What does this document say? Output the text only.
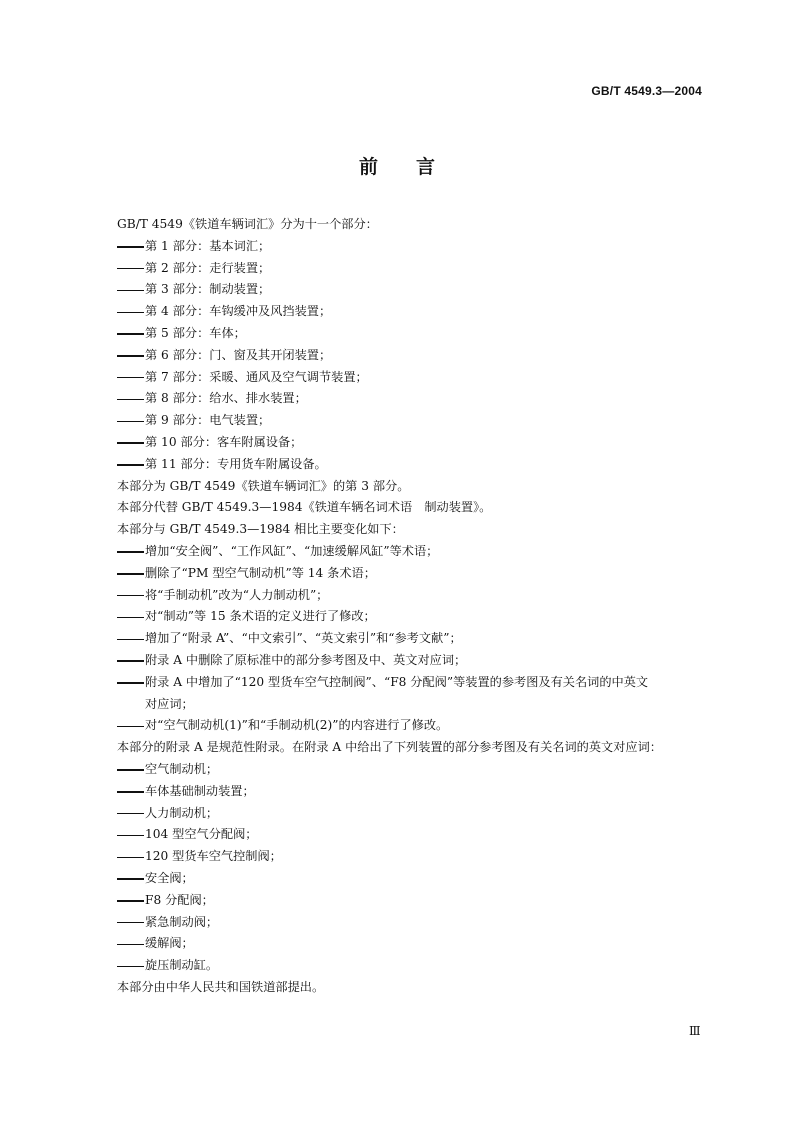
GB/T 4549.3—2004
前言
GB/T 4549《铁道车辆词汇》分为十一个部分：
第 1 部分：基本词汇；
第 2 部分：走行装置；
第 3 部分：制动装置；
第 4 部分：车钩缓冲及风挡装置；
第 5 部分：车体；
第 6 部分：门、窗及其开闭装置；
第 7 部分：采暖、通风及空气调节装置；
第 8 部分：给水、排水装置；
第 9 部分：电气装置；
第 10 部分：客车附属设备；
第 11 部分：专用货车附属设备。
本部分为 GB/T 4549《铁道车辆词汇》的第 3 部分。
本部分代替 GB/T 4549.3—1984《铁道车辆名词术语　制动装置》。
本部分与 GB/T 4549.3—1984 相比主要变化如下：
增加“安全阀”、“工作风缸”、“加速缓解风缸”等术语；
删除了“PM 型空气制动机”等 14 条术语；
将“手制动机”改为“人力制动机”；
对“制动”等 15 条术语的定义进行了修改；
增加了“附录 A”、“中文索引”、“英文索引”和“参考文献”；
附录 A 中删除了原标准中的部分参考图及中、英文对应词；
附录 A 中增加了“120 型货车空气控制阀”、“F8 分配阀”等装置的参考图及有关名词的中英文
对应词；
对“空气制动机(1)”和“手制动机(2)”的内容进行了修改。
本部分的附录 A 是规范性附录。在附录 A 中给出了下列装置的部分参考图及有关名词的英文对应词：
空气制动机；
车体基础制动装置；
人力制动机；
104 型空气分配阀；
120 型货车空气控制阀；
安全阀；
F8 分配阀；
紧急制动阀；
缓解阀；
旋压制动缸。
本部分由中华人民共和国铁道部提出。
Ⅲ
